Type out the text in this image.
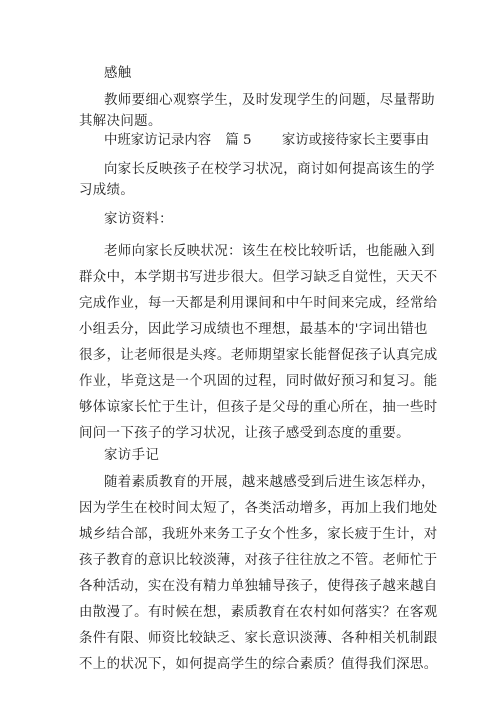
感触
教师要细心观察学生，及时发现学生的问题，尽量帮助
其解决问题。
中班家访记录内容 篇 5 家访或接待家长主要事由
向家长反映孩子在校学习状况，商讨如何提高该生的学
习成绩。
家访资料：
老师向家长反映状况：该生在校比较听话，也能融入到
群众中，本学期书写进步很大。但学习缺乏自觉性，天天不
完成作业，每一天都是利用课间和中午时间来完成，经常给
小组丢分，因此学习成绩也不理想，最基本的'字词出错也
很多，让老师很是头疼。老师期望家长能督促孩子认真完成
作业，毕竟这是一个巩固的过程，同时做好预习和复习。能
够体谅家长忙于生计，但孩子是父母的重心所在，抽一些时
间问一下孩子的学习状况，让孩子感受到态度的重要。
家访手记
随着素质教育的开展，越来越感受到后进生该怎样办，
因为学生在校时间太短了，各类活动增多，再加上我们地处
城乡结合部，我班外来务工子女个性多，家长疲于生计，对
孩子教育的意识比较淡薄，对孩子往往放之不管。老师忙于
各种活动，实在没有精力单独辅导孩子，使得孩子越来越自
由散漫了。有时候在想，素质教育在农村如何落实？在客观
条件有限、师资比较缺乏、家长意识淡薄、各种相关机制跟
不上的状况下，如何提高学生的综合素质？值得我们深思。
